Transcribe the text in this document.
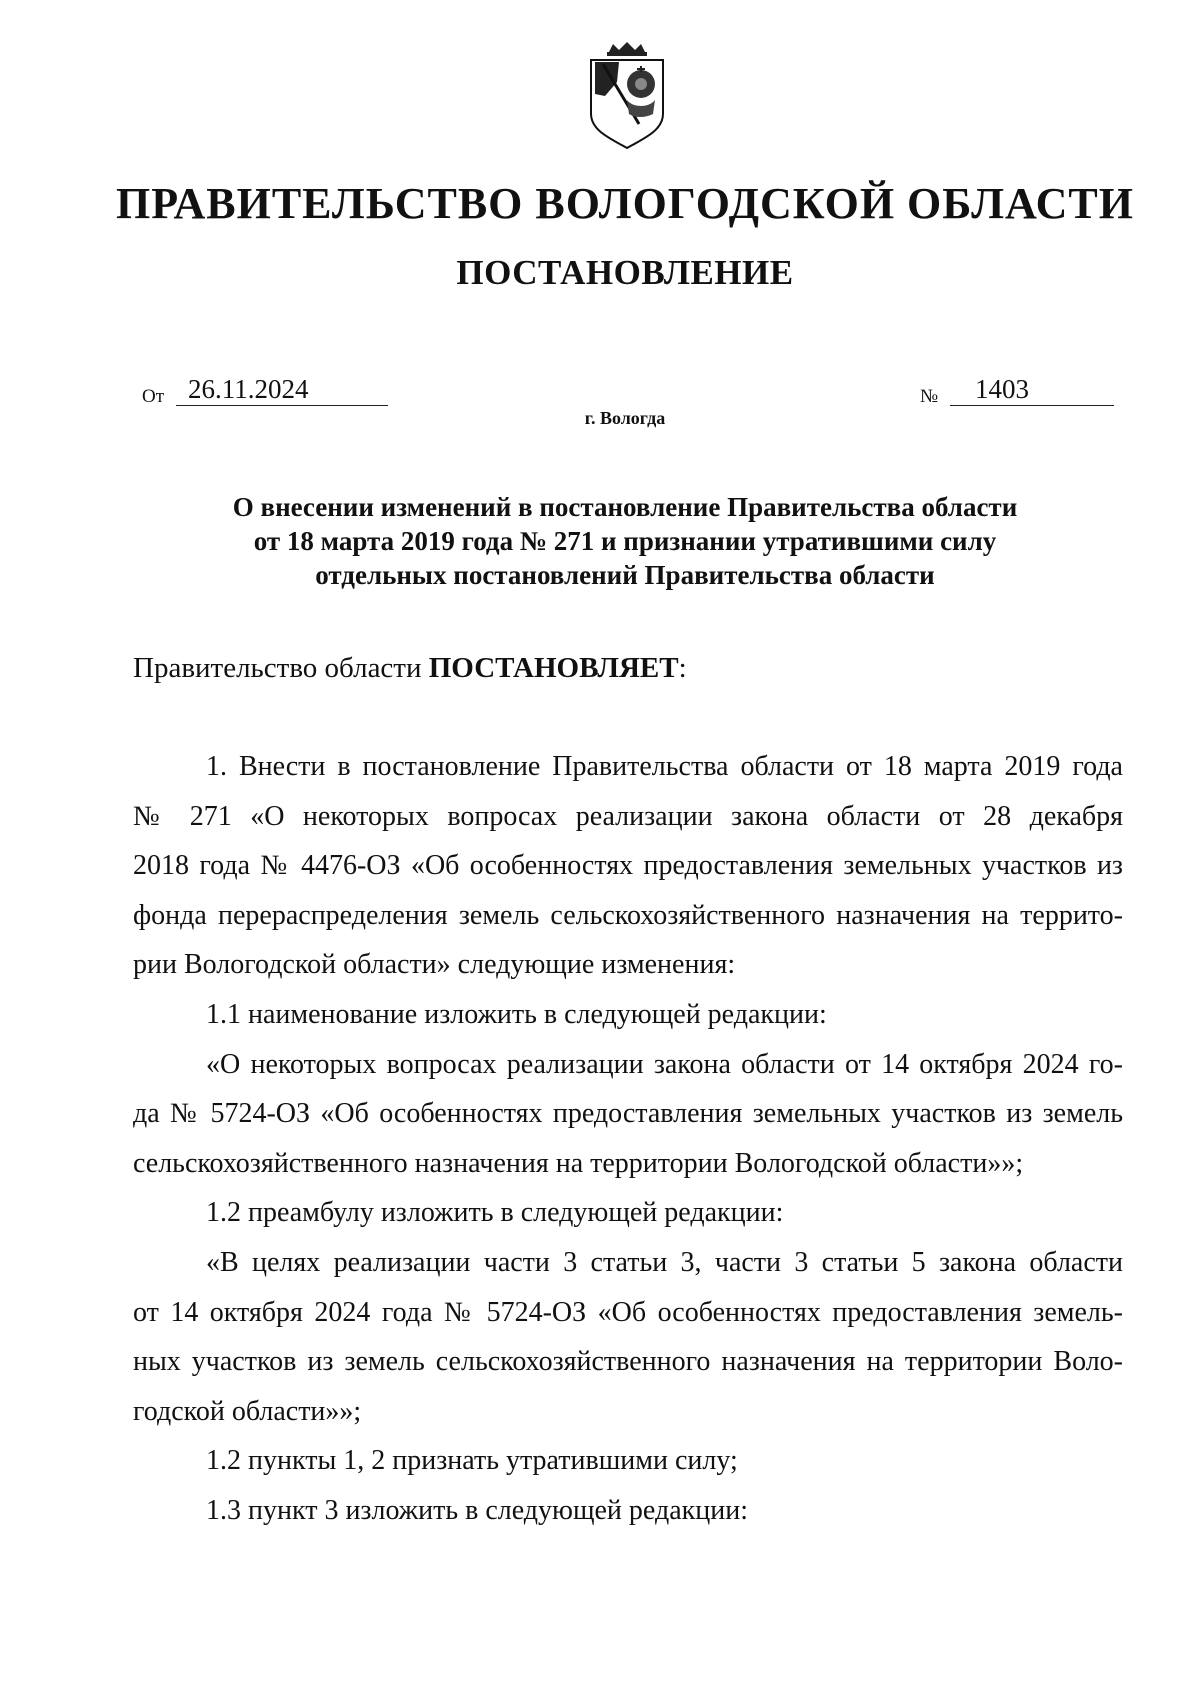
ПРАВИТЕЛЬСТВО ВОЛОГОДСКОЙ ОБЛАСТИ
ПОСТАНОВЛЕНИЕ
От 26.11.2024	№	1403
г. Вологда
О внесении изменений в постановление Правительства области
от 18 марта 2019 года № 271 и признании утратившими силу
отдельных постановлений Правительства области
Правительство области ПОСТАНОВЛЯЕТ:
1. Внести в постановление Правительства области от 18 марта 2019 года
№ 271 «О некоторых вопросах реализации закона области от 28 декабря
2018 года № 4476-ОЗ «Об особенностях предоставления земельных участков из
фонда перераспределения земель сельскохозяйственного назначения на террито-
рии Вологодской области» следующие изменения:
1.1 наименование изложить в следующей редакции:
«О некоторых вопросах реализации закона области от 14 октября 2024 го-
да № 5724-ОЗ «Об особенностях предоставления земельных участков из земель
сельскохозяйственного назначения на территории Вологодской области»»;
1.2 преамбулу изложить в следующей редакции:
«В целях реализации части 3 статьи 3, части 3 статьи 5 закона области
от 14 октября 2024 года № 5724-ОЗ «Об особенностях предоставления земель-
ных участков из земель сельскохозяйственного назначения на территории Воло-
годской области»»;
1.2 пункты 1, 2 признать утратившими силу;
1.3 пункт 3 изложить в следующей редакции:
